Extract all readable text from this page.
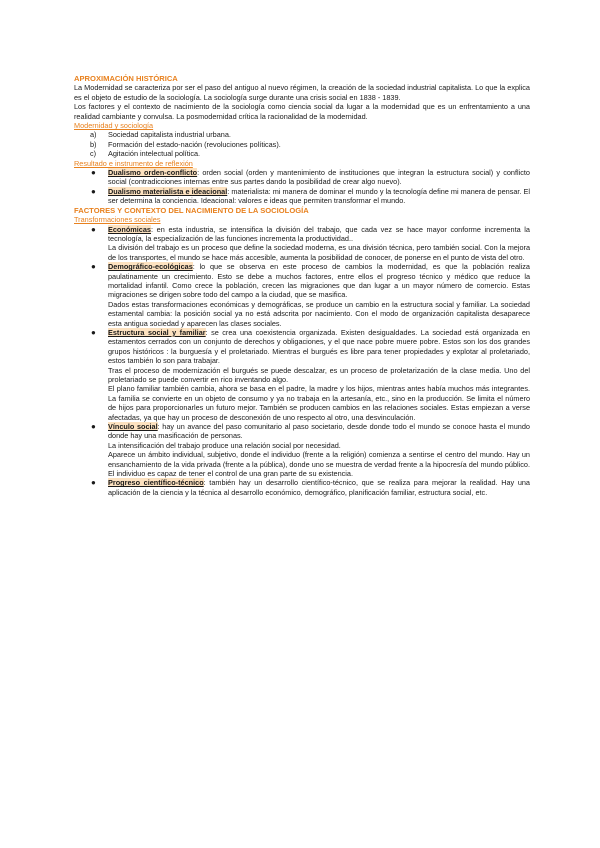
APROXIMACIÓN HISTÓRICA

La Modernidad se caracteriza por ser el paso del antiguo al nuevo régimen, la creación de la sociedad industrial capitalista. Lo que la explica es el objeto de estudio de la sociología. La sociología surge durante una crisis social en 1838 - 1839.

Los factores y el contexto de nacimiento de la sociología como ciencia social da lugar a la modernidad que es un enfrentamiento a una realidad cambiante y convulsa. La posmodernidad crítica la racionalidad de la modernidad.

Modernidad y sociología

a) Sociedad capitalista industrial urbana.
b) Formación del estado-nación (revoluciones políticas).
c) Agitación intelectual política.

Resultado e instrumento de reflexión

● Dualismo orden-conflicto: orden social (orden y mantenimiento de instituciones que integran la estructura social) y conflicto social (contradicciones internas entre sus partes dando la posibilidad de crear algo nuevo).
● Dualismo materialista e ideacional: materialista: mi manera de dominar el mundo y la tecnología define mi manera de pensar. El ser determina la conciencia. Ideacional: valores e ideas que permiten transformar el mundo.

FACTORES Y CONTEXTO DEL NACIMIENTO DE LA SOCIOLOGÍA

Transformaciones sociales

● Económicas: en esta industria, se intensifica la división del trabajo, que cada vez se hace mayor conforme incrementa la tecnología, la especialización de las funciones incrementa la productividad..

La división del trabajo es un proceso que define la sociedad moderna, es una división técnica, pero también social. Con la mejora de los transportes, el mundo se hace más accesible, aumenta la posibilidad de conocer, de ponerse en el punto de vista del otro.

● Demográfico-ecológicas: lo que se observa en este proceso de cambios la modernidad, es que la población realiza paulatinamente un crecimiento. Esto se debe a muchos factores, entre ellos el progreso técnico y médico que reduce la mortalidad infantil. Como crece la población, crecen las migraciones que dan lugar a un mayor número de comercio. Estas migraciones se dirigen sobre todo del campo a la ciudad, que se masifica.

Dados estas transformaciones económicas y demográficas, se produce un cambio en la estructura social y familiar. La sociedad estamental cambia: la posición social ya no está adscrita por nacimiento. Con el modo de organización capitalista desaparece esta antigua sociedad y aparecen las clases sociales.

● Estructura social y familiar: se crea una coexistencia organizada. Existen desigualdades. La sociedad está organizada en estamentos cerrados con un conjunto de derechos y obligaciones, y el que nace pobre muere pobre. Estos son los dos grandes grupos históricos : la burguesía y el proletariado. Mientras el burgués es libre para tener propiedades y explotar al proletariado, estos también lo son para trabajar.

Tras el proceso de modernización el burgués se puede descalzar, es un proceso de proletarización de la clase media. Uno del proletariado se puede convertir en rico inventando algo.

El plano familiar también cambia, ahora se basa en el padre, la madre y los hijos, mientras antes había muchos más integrantes. La familia se convierte en un objeto de consumo y ya no trabaja en la artesanía, etc., sino en la producción. Se limita el número de hijos para proporcionarles un futuro mejor. También se producen cambios en las relaciones sociales. Estas empiezan a verse afectadas, ya que hay un proceso de desconexión de uno respecto al otro, una desvinculación.

● Vínculo social: hay un avance del paso comunitario al paso societario, desde donde todo el mundo se conoce hasta el mundo donde hay una masificación de personas.

La intensificación del trabajo produce una relación social por necesidad.

Aparece un ámbito individual, subjetivo, donde el individuo (frente a la religión) comienza a sentirse el centro del mundo. Hay un ensanchamiento de la vida privada (frente a la pública), donde uno se muestra de verdad frente a la hipocresía del mundo público. El individuo es capaz de tener el control de una gran parte de su existencia.

● Progreso científico-técnico: también hay un desarrollo científico-técnico, que se realiza para mejorar la realidad. Hay una aplicación de la ciencia y la técnica al desarrollo económico, demográfico, planificación familiar, estructura social, etc.
